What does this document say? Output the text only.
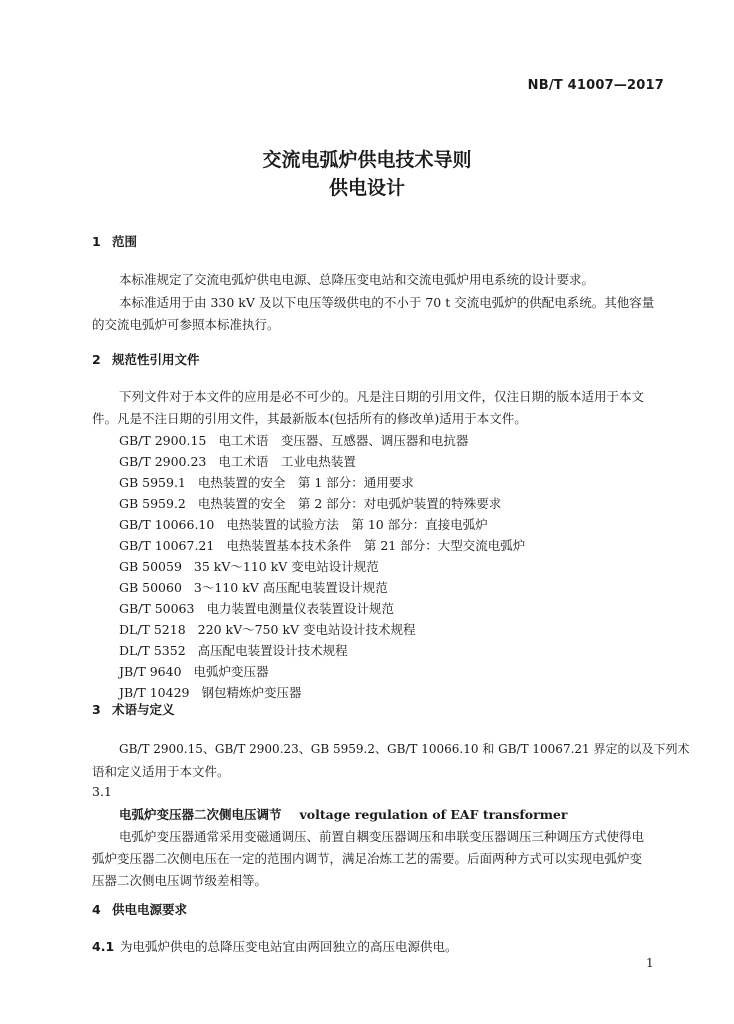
NB/T 41007—2017
交流电弧炉供电技术导则
供电设计
1 范围
本标准规定了交流电弧炉供电电源、总降压变电站和交流电弧炉用电系统的设计要求。
本标准适用于由 330 kV 及以下电压等级供电的不小于 70 t 交流电弧炉的供配电系统。其他容量
的交流电弧炉可参照本标准执行。
2 规范性引用文件
下列文件对于本文件的应用是必不可少的。凡是注日期的引用文件，仅注日期的版本适用于本文
件。凡是不注日期的引用文件，其最新版本(包括所有的修改单)适用于本文件。
GB/T 2900.15 电工术语　变压器、互感器、调压器和电抗器
GB/T 2900.23 电工术语　工业电热装置
GB 5959.1 电热装置的安全　第 1 部分：通用要求
GB 5959.2 电热装置的安全　第 2 部分：对电弧炉装置的特殊要求
GB/T 10066.10 电热装置的试验方法　第 10 部分：直接电弧炉
GB/T 10067.21 电热装置基本技术条件　第 21 部分：大型交流电弧炉
GB 50059 35 kV～110 kV 变电站设计规范
GB 50060 3～110 kV 高压配电装置设计规范
GB/T 50063 电力装置电测量仪表装置设计规范
DL/T 5218 220 kV～750 kV 变电站设计技术规程
DL/T 5352 高压配电装置设计技术规程
JB/T 9640 电弧炉变压器
JB/T 10429 钢包精炼炉变压器
3 术语与定义
GB/T 2900.15、GB/T 2900.23、GB 5959.2、GB/T 10066.10 和 GB/T 10067.21 界定的以及下列术
语和定义适用于本文件。
3.1
电弧炉变压器二次侧电压调节 voltage regulation of EAF transformer
电弧炉变压器通常采用变磁通调压、前置自耦变压器调压和串联变压器调压三种调压方式使得电
弧炉变压器二次侧电压在一定的范围内调节，满足冶炼工艺的需要。后面两种方式可以实现电弧炉变
压器二次侧电压调节级差相等。
4 供电电源要求
4.1 为电弧炉供电的总降压变电站宜由两回独立的高压电源供电。
1
